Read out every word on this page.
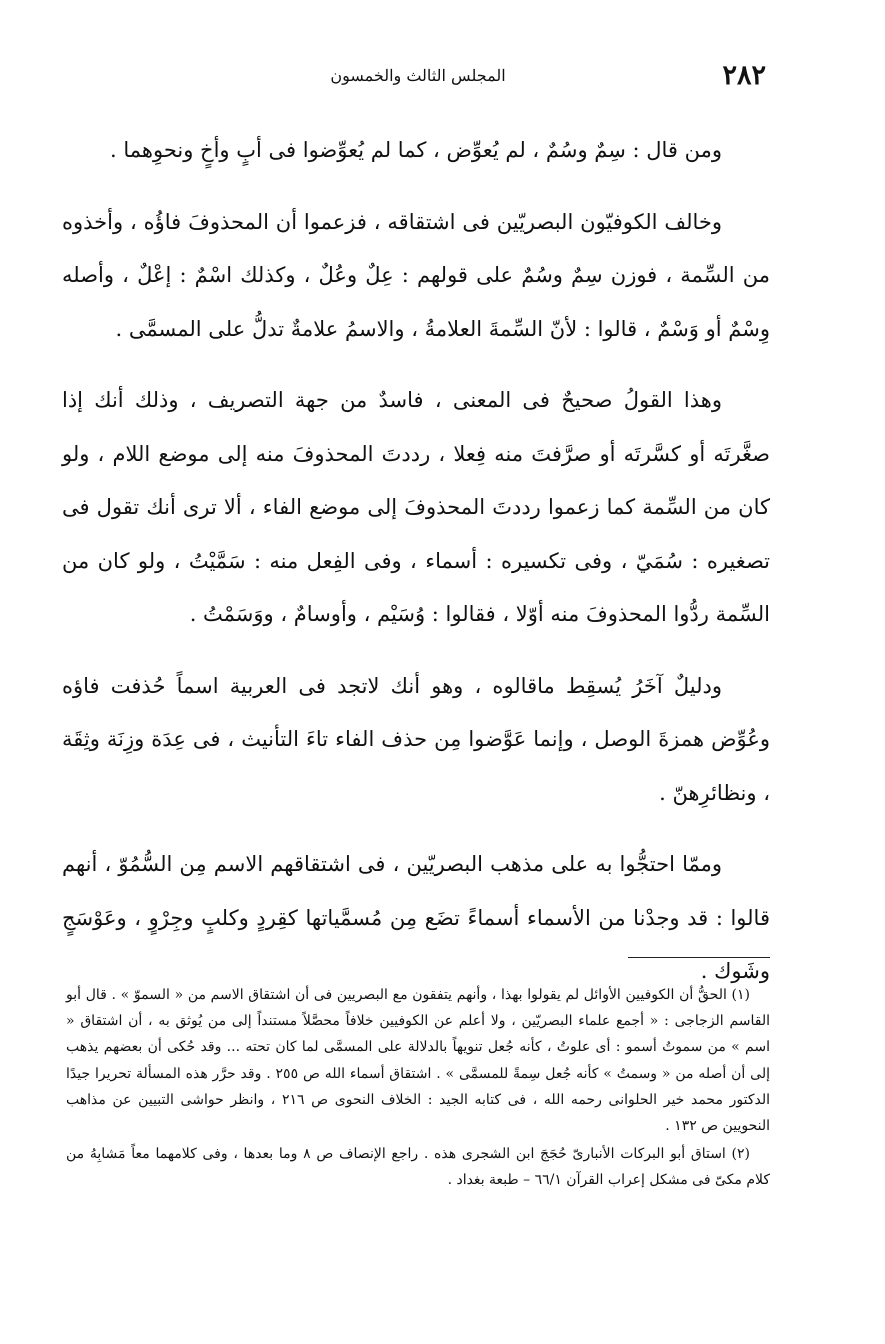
٢٨٢
المجلس الثالث والخمسون

ومن قال : سِمٌ وسُمٌ ، لم يُعوِّض ، كما لم يُعوِّضوا فى أبٍ وأخٍ ونحوِهما .

وخالف الكوفيّون البصريّين فى اشتقاقه ، فزعموا أن المحذوفَ فاؤُه ، وأخذوه من السِّمة ، فوزن سِمٌ وسُمٌ على قولهم : عِلٌ وعُلٌ ، وكذلك اسْمٌ : إعْلٌ ، وأصله وِسْمٌ أو وَسْمٌ ، قالوا : لأنّ السِّمةَ العلامةُ ، والاسمُ علامةٌ تدلُّ على المسمَّى .

وهذا القولُ صحيحٌ فى المعنى ، فاسدٌ من جهة التصريف ، وذلك أنك إذا صغَّرتَه أو كسَّرتَه أو صرَّفتَ منه فِعلا ، رددتَ المحذوفَ منه إلى موضع اللام ، ولو كان من السِّمة كما زعموا رددتَ المحذوفَ إلى موضع الفاء ، ألا ترى أنك تقول فى تصغيره : سُمَيّ ، وفى تكسيره : أسماء ، وفى الفِعل منه : سَمَّيْتُ ، ولو كان من السِّمة ردُّوا المحذوفَ منه أوّلا ، فقالوا : وُسَيْم ، وأوسامٌ ، ووَسَمْتُ .

ودليلٌ آخَرُ يُسقِط ماقالوه ، وهو أنك لاتجد فى العربية اسماً حُذفت فاؤه وعُوِّض همزةَ الوصل ، وإنما عَوَّضوا مِن حذف الفاء تاءَ التأنيث ، فى عِدَة وزِنَة وثِقَة ، ونظائرِهنّ .

وممّا احتجُّوا به على مذهب البصريّين ، فى اشتقاقهم الاسم مِن السُّمُوّ ، أنهم قالوا : قد وجدْنا من الأسماء أسماءً تضَع مِن مُسمَّياتها كقِردٍ وكلبٍ وجِرْوٍ ، وعَوْسَجٍ وشَوك .

(١) الحقُّ أن الكوفيين الأوائل لم يقولوا بهذا ، وأنهم يتفقون مع البصريين فى أن اشتقاق الاسم من « السموّ » . قال أبو القاسم الزجاجى : « أجمع علماء البصريّين ، ولا أعلم عن الكوفيين خلافاً محصَّلاً مستنداً إلى من يُوثق به ، أن اشتقاق « اسم » من سموتُ أسمو : أى علوتُ ، كأنه جُعل تنويهاً بالدلالة على المسمَّى لما كان تحته ... وقد حُكى أن بعضهم يذهب إلى أن أصله من « وسمتُ » كأنه جُعل سِمةً للمسمَّى » . اشتقاق أسماء الله ص ٢٥٥ . وقد حرَّر هذه المسألة تحريرا جيدًا الدكتور محمد خير الحلوانى رحمه الله ، فى كتابه الجيد : الخلاف النحوى ص ٢١٦ ، وانظر حواشى التبيين عن مذاهب النحويين ص ١٣٢ .

(٢) استاق أبو البركات الأنبارىّ حُجَجَ ابن الشجرى هذه . راجع الإنصاف ص ٨ وما بعدها ، وفى كلامهما معاً مَشابِهُ من كلام مكىّ فى مشكل إعراب القرآن ٦٦/١ – طبعة بغداد .
